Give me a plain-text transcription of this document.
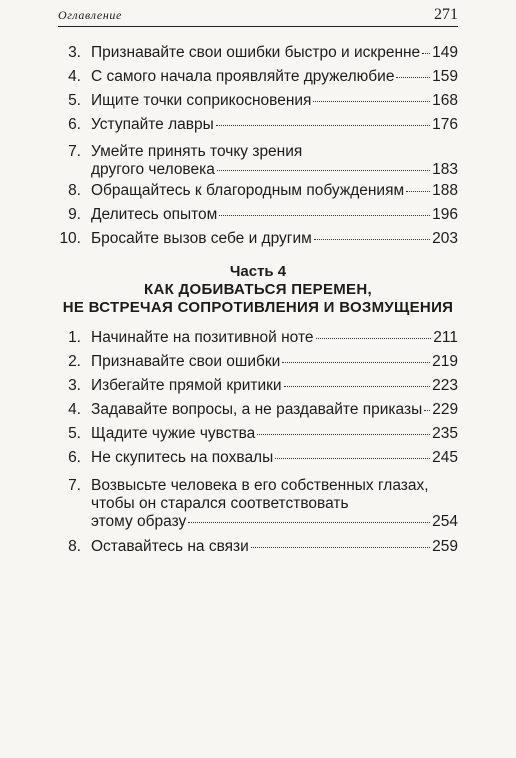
Оглавление	271
3. Признавайте свои ошибки быстро и искренне 149
4. С самого начала проявляйте дружелюбие 159
5. Ищите точки соприкосновения	168
6. Уступайте лавры	176
7. Умейте принять точку зрения
другого человека	183
8. Обращайтесь к благородным побуждениям 188
9. Делитесь опытом	196
10. Бросайте вызов себе и другим	203
Часть 4
КАК ДОБИВАТЬСЯ ПЕРЕМЕН,
НЕ ВСТРЕЧАЯ СОПРОТИВЛЕНИЯ И ВОЗМУЩЕНИЯ
1. Начинайте на позитивной ноте	211
2. Признавайте свои ошибки	219
3. Избегайте прямой критики	223
4. Задавайте вопросы, а не раздавайте приказы 229
5. Щадите чужие чувства	235
6. Не скупитесь на похвалы	245
7. Возвысьте человека в его собственных глазах,
чтобы он старался соответствовать
этому образу	254
8. Оставайтесь на связи	259
